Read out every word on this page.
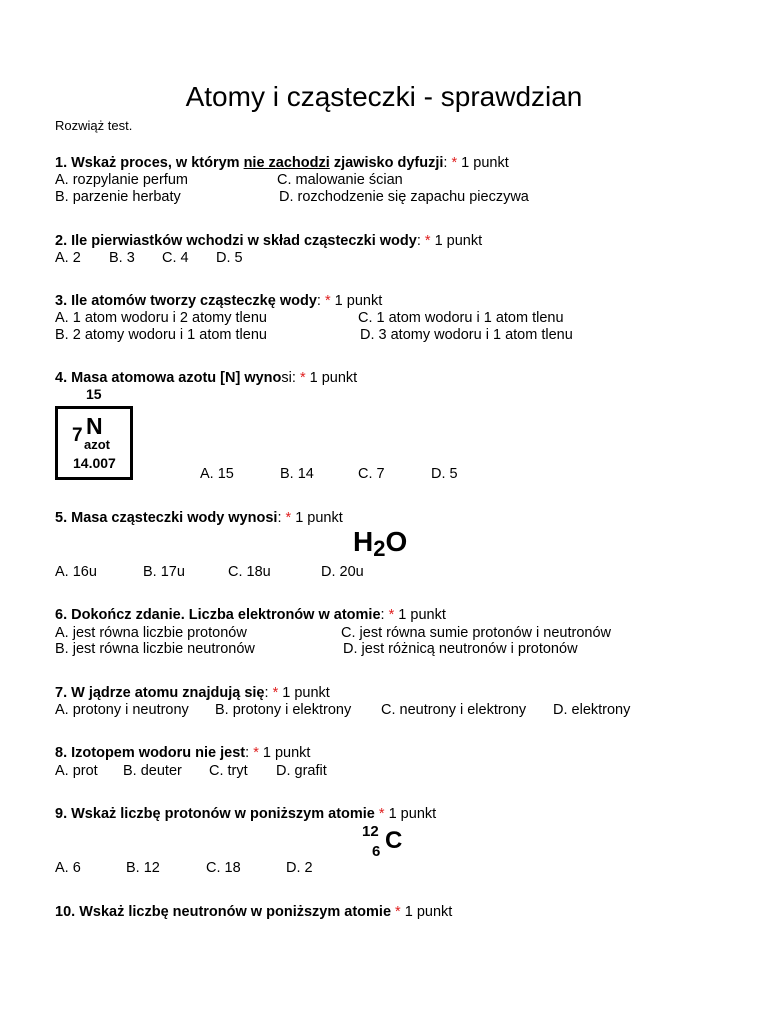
Atomy i cząsteczki - sprawdzian
Rozwiąż test.
1. Wskaż proces, w którym nie zachodzi zjawisko dyfuzji: * 1 punkt
A. rozpylanie perfum	C. malowanie ścian
B. parzenie herbaty	D. rozchodzenie się zapachu pieczywa
2. Ile pierwiastków wchodzi w skład cząsteczki wody: * 1 punkt
A. 2 B. 3 C. 4 D. 5
3. Ile atomów tworzy cząsteczkę wody: * 1 punkt
A. 1 atom wodoru i 2 atomy tlenu	C. 1 atom wodoru i 1 atom tlenu
B. 2 atomy wodoru i 1 atom tlenu	D. 3 atomy wodoru i 1 atom tlenu
4. Masa atomowa azotu [N] wynosi: * 1 punkt
15
7 N
azot
14.007
A. 15	B. 14	C. 7	D. 5
5. Masa cząsteczki wody wynosi: * 1 punkt
H2O
A. 16u	B. 17u	C. 18u	D. 20u
6. Dokończ zdanie. Liczba elektronów w atomie: * 1 punkt
A. jest równa liczbie protonów	C. jest równa sumie protonów i neutronów
B. jest równa liczbie neutronów	D. jest różnicą neutronów i protonów
7. W jądrze atomu znajdują się: * 1 punkt
A. protony i neutrony B. protony i elektrony C. neutrony i elektrony D. elektrony
8. Izotopem wodoru nie jest: * 1 punkt
A. prot B. deuter C. tryt D. grafit
9. Wskaż liczbę protonów w poniższym atomie * 1 punkt
12
6 C
A. 6	B. 12	C. 18	D. 2
10. Wskaż liczbę neutronów w poniższym atomie * 1 punkt
